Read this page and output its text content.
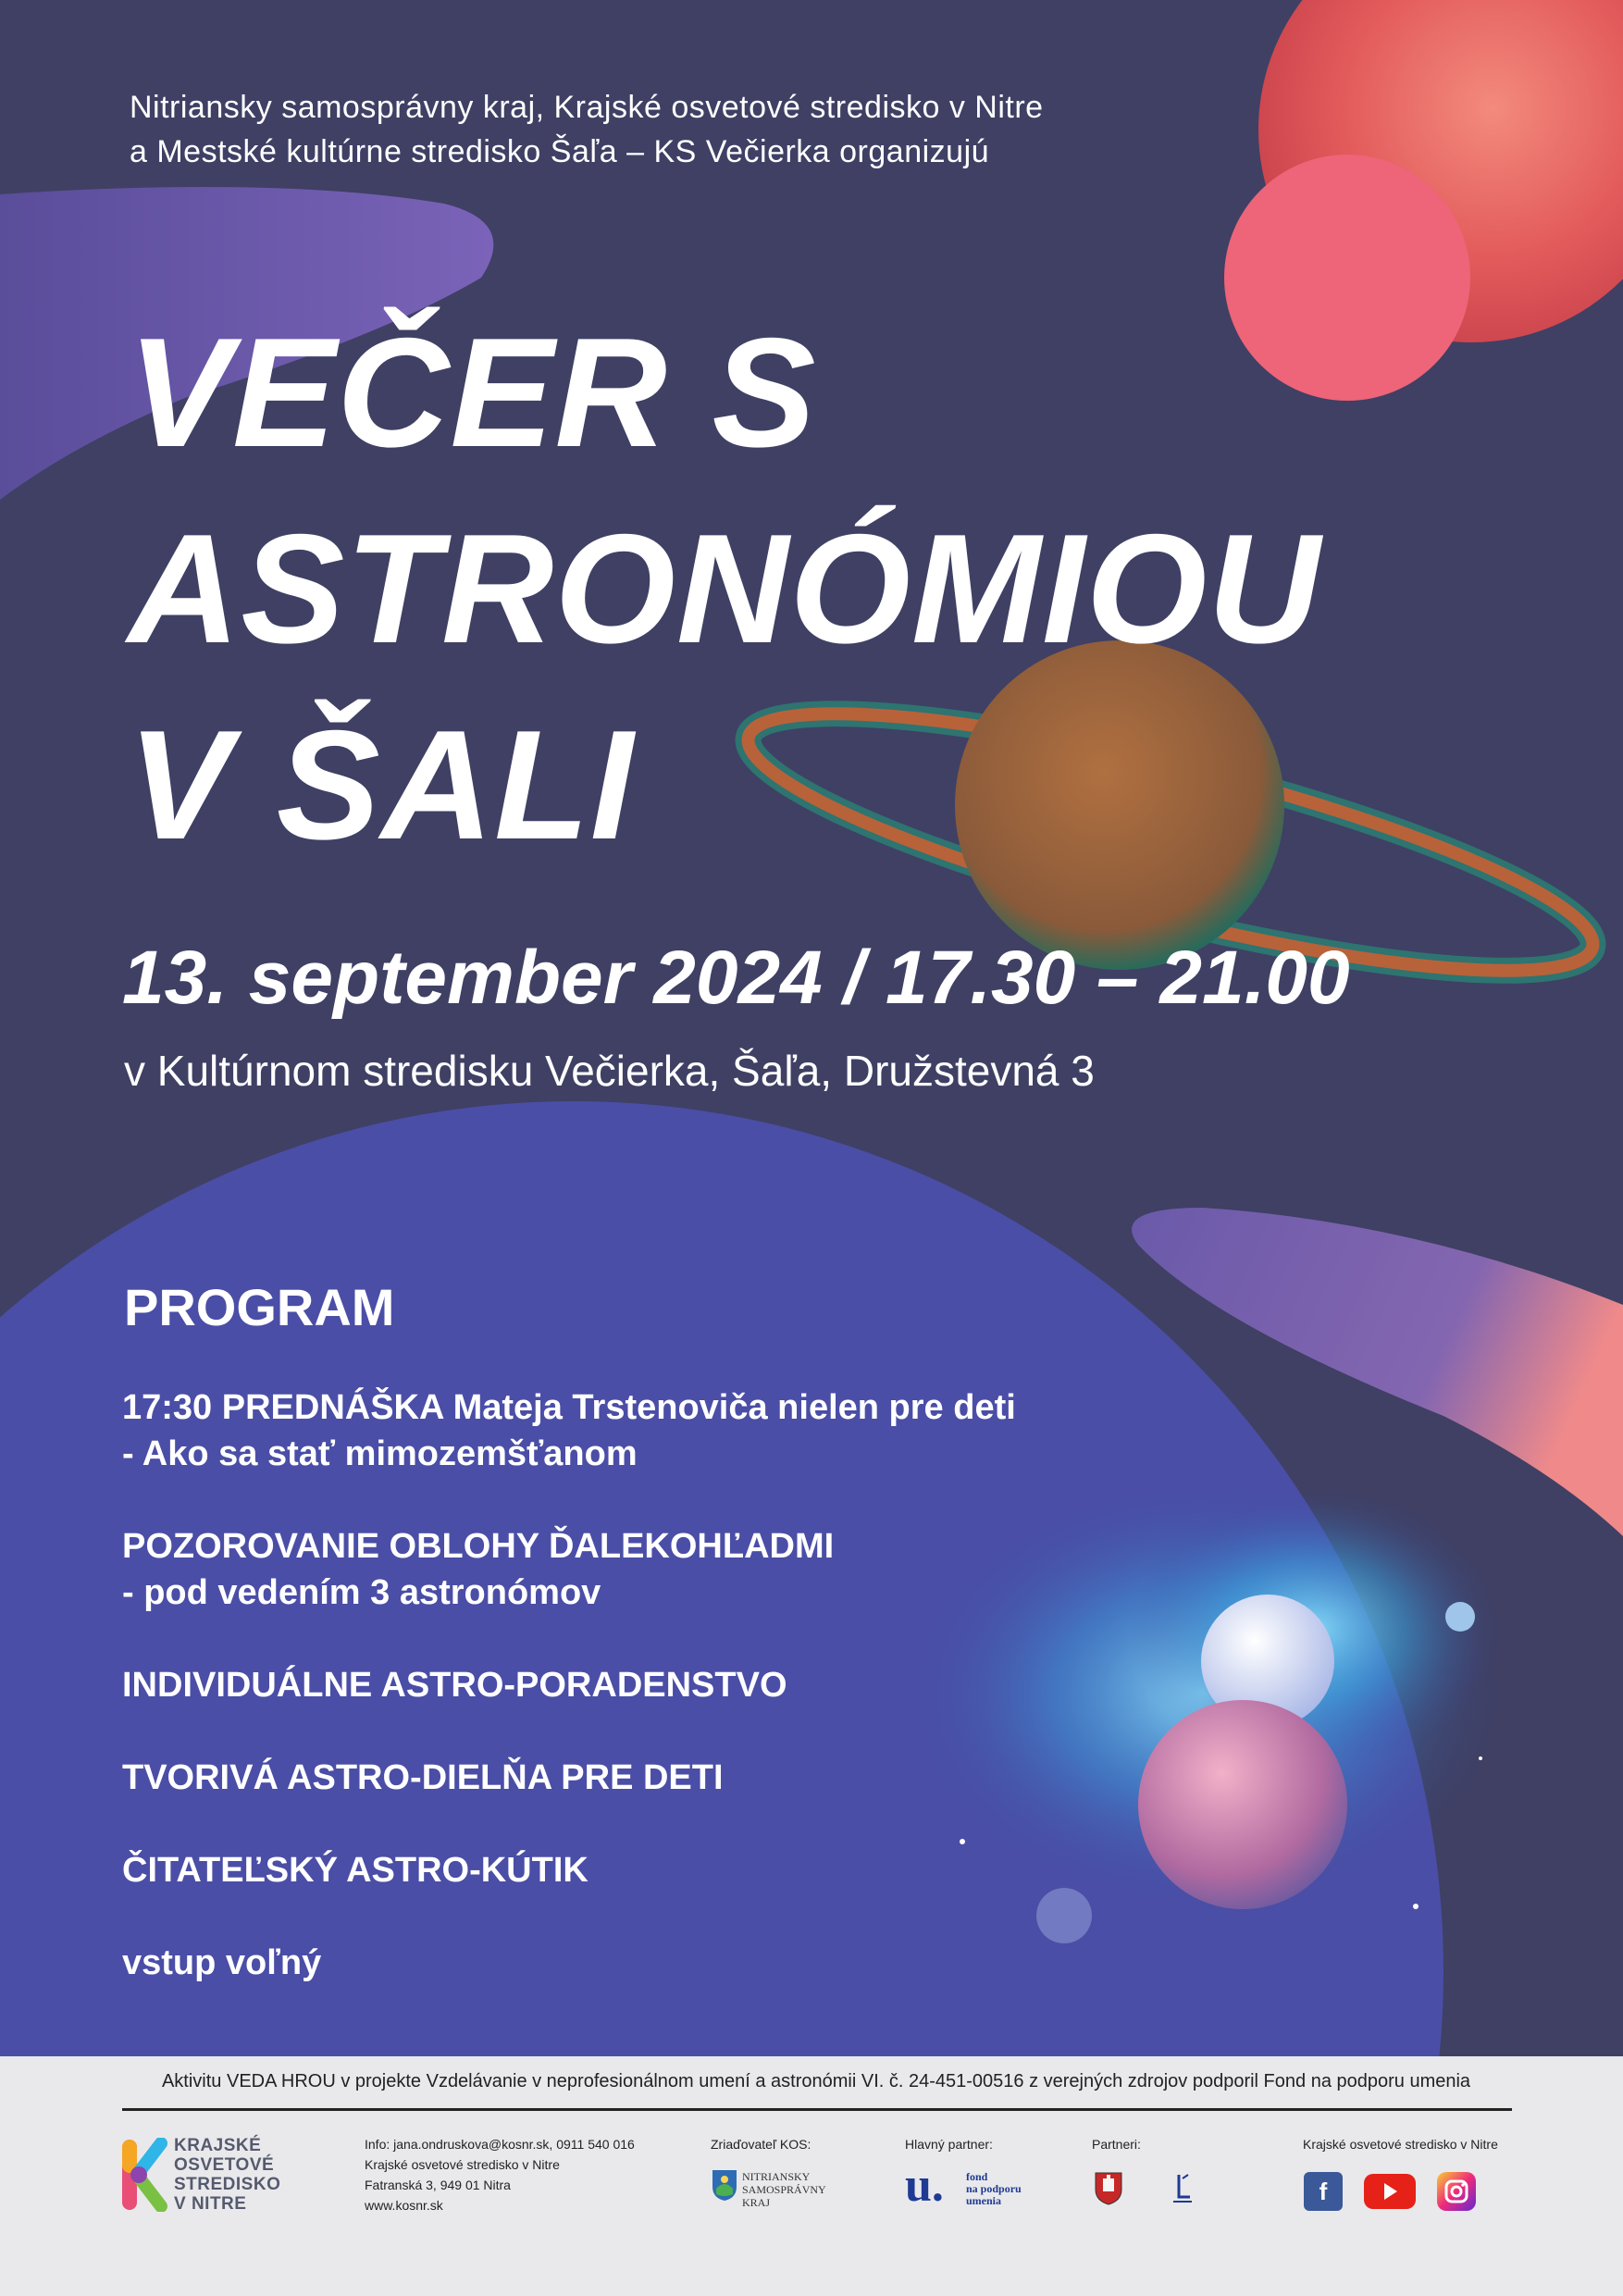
Nitriansky samosprávny kraj, Krajské osvetové stredisko v Nitre
a Mestské kultúrne stredisko Šaľa – KS Večierka organizujú
VEČER S
ASTRONÓMIOU
V ŠALI
13. september 2024 / 17.30 – 21.00
v Kultúrnom stredisku Večierka, Šaľa, Družstevná 3
PROGRAM
17:30 PREDNÁŠKA Mateja Trstenoviča nielen pre deti
- Ako sa stať mimozemšťanom
POZOROVANIE OBLOHY ĎALEKOHĽADMI
- pod vedením 3 astronómov
INDIVIDUÁLNE ASTRO-PORADENSTVO
TVORIVÁ ASTRO-DIELŇA PRE DETI
ČITATEĽSKÝ ASTRO-KÚTIK
vstup voľný
Aktivitu VEDA HROU v projekte Vzdelávanie v neprofesionálnom umení a astronómii VI. č. 24-451-00516 z verejných zdrojov podporil Fond na podporu umenia
KRAJSKÉ
OSVETOVÉ
STREDISKO
V NITRE
Info: jana.ondruskova@kosnr.sk, 0911 540 016
Krajské osvetové stredisko v Nitre
Fatranská 3, 949 01 Nitra
www.kosnr.sk
Zriaďovateľ KOS:
NITRIANSKY
SAMOSPRÁVNY
KRAJ
Hlavný partner:
u. fond
na podporu
umenia
Partneri:	Krajské osvetové stredisko v Nitre
f
